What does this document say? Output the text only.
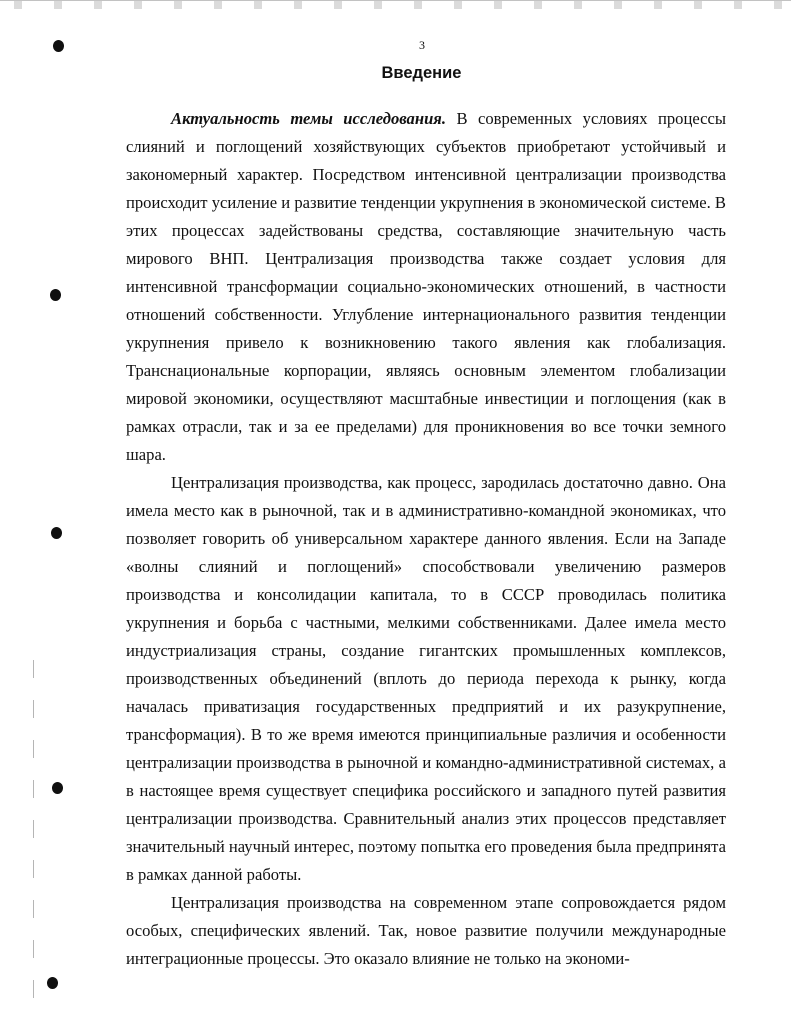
3
Введение

Актуальность темы исследования. В современных условиях процессы слияний и поглощений хозяйствующих субъектов приобретают устойчивый и закономерный характер. Посредством интенсивной централизации производства происходит усиление и развитие тенденции укрупнения в экономической системе. В этих процессах задействованы средства, составляющие значительную часть мирового ВНП. Централизация производства также создает условия для интенсивной трансформации социально-экономических отношений, в частности отношений собственности. Углубление интернационального развития тенденции укрупнения привело к возникновению такого явления как глобализация. Транснациональные корпорации, являясь основным элементом глобализации мировой экономики, осуществляют масштабные инвестиции и поглощения (как в рамках отрасли, так и за ее пределами) для проникновения во все точки земного шара.

Централизация производства, как процесс, зародилась достаточно давно. Она имела место как в рыночной, так и в административно-командной экономиках, что позволяет говорить об универсальном характере данного явления. Если на Западе «волны слияний и поглощений» способствовали увеличению размеров производства и консолидации капитала, то в СССР проводилась политика укрупнения и борьба с частными, мелкими собственниками. Далее имела место индустриализация страны, создание гигантских промышленных комплексов, производственных объединений (вплоть до периода перехода к рынку, когда началась приватизация государственных предприятий и их разукрупнение, трансформация). В то же время имеются принципиальные различия и особенности централизации производства в рыночной и командно-административной системах, а в настоящее время существует специфика российского и западного путей развития централизации производства. Сравнительный анализ этих процессов представляет значительный научный интерес, поэтому попытка его проведения была предпринята в рамках данной работы.

Централизация производства на современном этапе сопровождается рядом особых, специфических явлений. Так, новое развитие получили международные интеграционные процессы. Это оказало влияние не только на экономи-
